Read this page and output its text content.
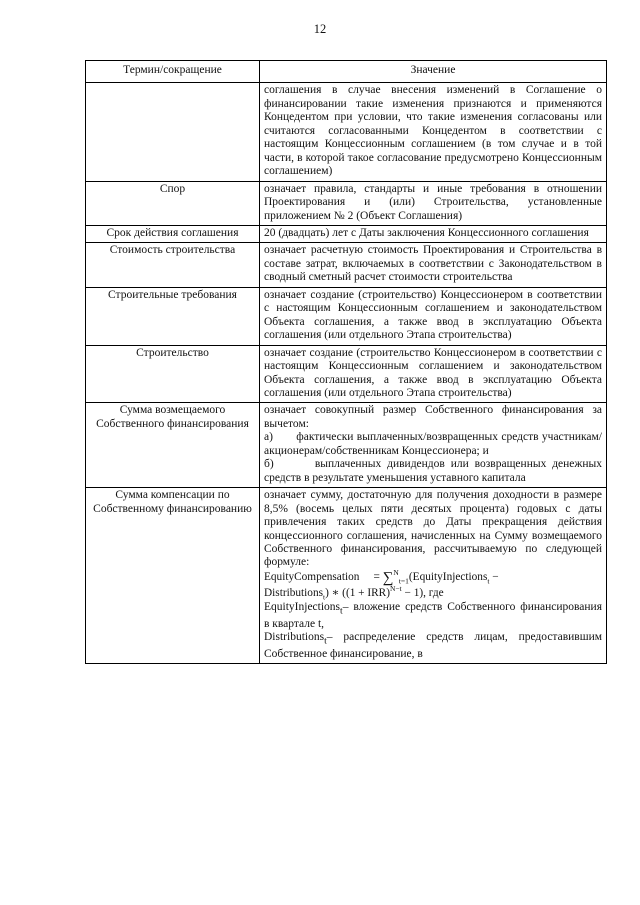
12
Термин/сокращение	Значение
	соглашения в случае внесения изменений в Соглашение о финансировании такие изменения признаются и применяются Концедентом при условии, что такие изменения согласованы или считаются согласованными Концедентом в соответствии с настоящим Концессионным соглашением (в том случае и в той части, в которой такое согласование предусмотрено Концессионным соглашением)
Спор	означает правила, стандарты и иные требования в отношении Проектирования и (или) Строительства, установленные приложением № 2 (Объект Соглашения)
Срок действия соглашения	20 (двадцать) лет с Даты заключения Концессионного соглашения
Стоимость строительства	означает расчетную стоимость Проектирования и Строительства в составе затрат, включаемых в соответствии с Законодательством в сводный сметный расчет стоимости строительства
Строительные требования	означает создание (строительство) Концессионером в соответствии с настоящим Концессионным соглашением и законодательством Объекта соглашения, а также ввод в эксплуатацию Объекта соглашения (или отдельного Этапа строительства)
Строительство	означает создание (строительство Концессионером в соответствии с настоящим Концессионным соглашением и законодательством Объекта соглашения, а также ввод в эксплуатацию Объекта соглашения (или отдельного Этапа строительства)
Сумма возмещаемого Собственного финансирования	означает совокупный размер Собственного финансирования за вычетом:
а)       фактически выплаченных/возвращенных средств участникам/акционерам/собственникам Концессионера; и
б)       выплаченных дивидендов или возвращенных денежных средств в результате уменьшения уставного капитала

Сумма компенсации по Собственному финансированию	означает сумму, достаточную для получения доходности в размере 8,5% (восемь целых пяти десятых процента) годовых с даты привлечения таких средств до Даты прекращения действия концессионного соглашения, начисленных на Сумму возмещаемого Собственного финансирования, рассчитываемую по следующей формуле:
EquityCompensation = ∑$^N_{t=1}$(EquityInjections$_t$ −
Distributions$_t$) ∗ ((1 + IRR)$^{N-t}$ − 1), где
EquityInjections$_t$– вложение средств Собственного финансирования в квартале t,
Distributions$_t$– распределение средств лицам, предоставившим Собственное финансирование, в
